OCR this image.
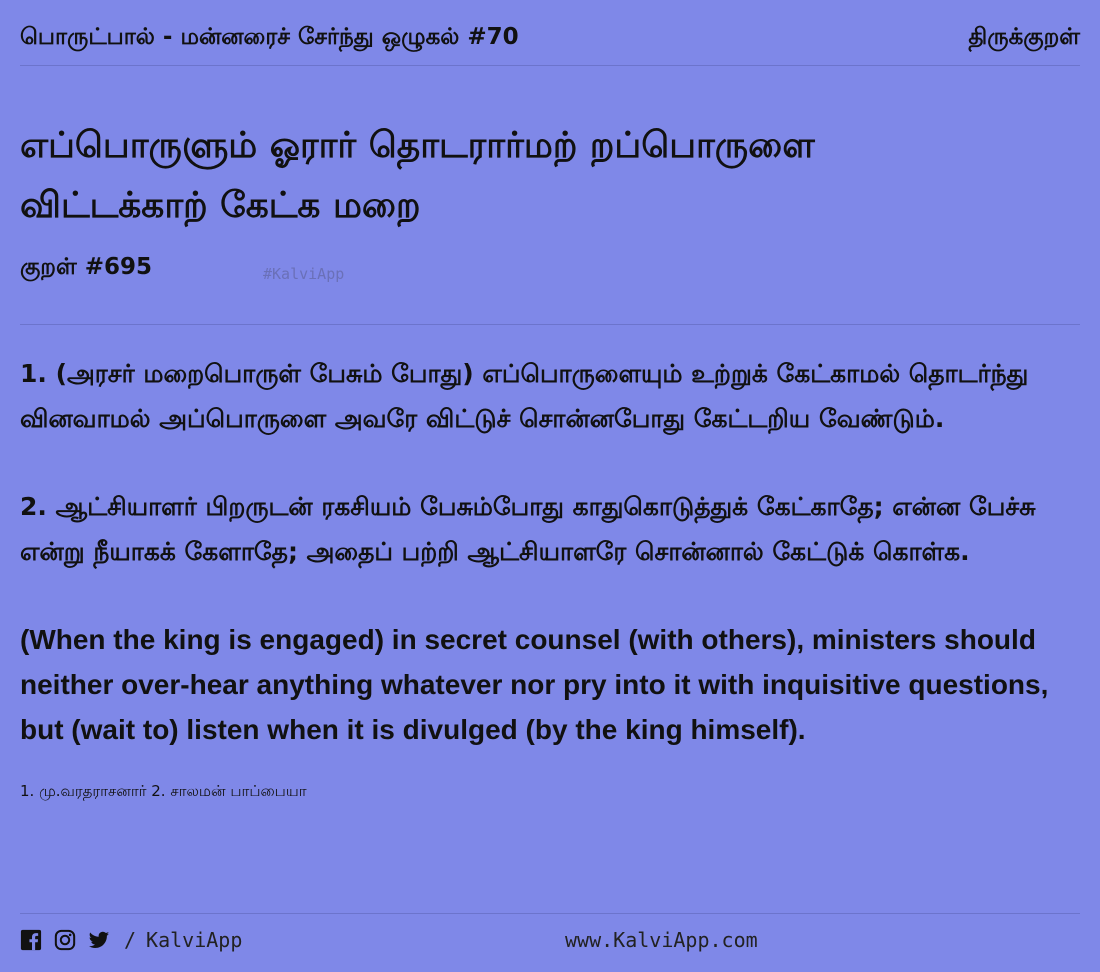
பொருட்பால் - மன்னரைச் சேர்ந்து ஒழுகல் #70	திருக்குறள்
எப்பொருளும் ஓரார் தொடரார்மற் றப்பொருளை
விட்டக்காற் கேட்க மறை
குறள் #695	#KalviApp

1. (அரசர் மறைபொருள் பேசும் போது) எப்பொருளையும் உற்றுக் கேட்காமல் தொடர்ந்து வினவாமல் அப்பொருளை அவரே விட்டுச் சொன்னபோது கேட்டறிய வேண்டும்.

2. ஆட்சியாளர் பிறருடன் ரகசியம் பேசும்போது காதுகொடுத்துக் கேட்காதே; என்ன பேச்சு என்று நீயாகக் கேளாதே; அதைப் பற்றி ஆட்சியாளரே சொன்னால் கேட்டுக் கொள்க.

(When the king is engaged) in secret counsel (with others), ministers should neither over-hear anything whatever nor pry into it with inquisitive questions, but (wait to) listen when it is divulged (by the king himself).

1. மு.வரதராசனார் 2. சாலமன் பாப்பையா
/ KalviApp	www.KalviApp.com
